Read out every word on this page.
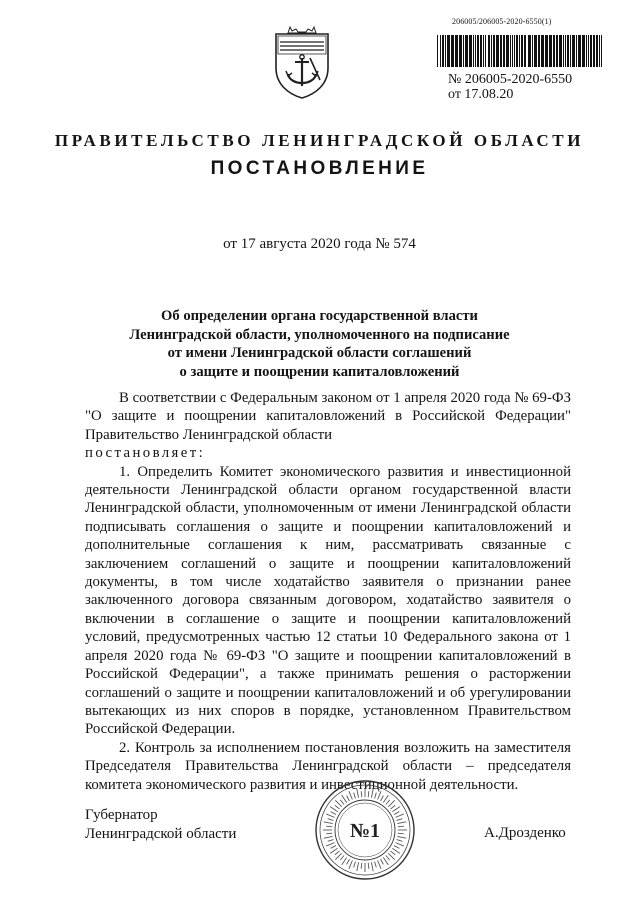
206005/206005-2020-6550(1)
№ 206005-2020-6550
от 17.08.20
ПРАВИТЕЛЬСТВО ЛЕНИНГРАДСКОЙ ОБЛАСТИ
ПОСТАНОВЛЕНИЕ
от 17 августа 2020 года № 574
Об определении органа государственной власти
Ленинградской области, уполномоченного на подписание
от имени Ленинградской области соглашений
о защите и поощрении капиталовложений

В соответствии с Федеральным законом от 1 апреля 2020 года № 69-ФЗ "О защите и поощрении капиталовложений в Российской Федерации" Правительство Ленинградской области

постановляет:

1. Определить Комитет экономического развития и инвестиционной деятельности Ленинградской области органом государственной власти Ленинградской области, уполномоченным от имени Ленинградской области подписывать соглашения о защите и поощрении капиталовложений и дополнительные соглашения к ним, рассматривать связанные с заключением соглашений о защите и поощрении капиталовложений документы, в том числе ходатайство заявителя о признании ранее заключенного договора связанным договором, ходатайство заявителя о включении в соглашение о защите и поощрении капиталовложений условий, предусмотренных частью 12 статьи 10 Федерального закона от 1 апреля 2020 года № 69-ФЗ "О защите и поощрении капиталовложений в Российской Федерации", а также принимать решения о расторжении соглашений о защите и поощрении капиталовложений и об урегулировании вытекающих из них споров в порядке, установленном Правительством Российской Федерации.

2. Контроль за исполнением постановления возложить на заместителя Председателя Правительства Ленинградской области – председателя комитета экономического развития и инвестиционной деятельности.

Губернатор
Ленинградской области	А.Дрозденко
№1
